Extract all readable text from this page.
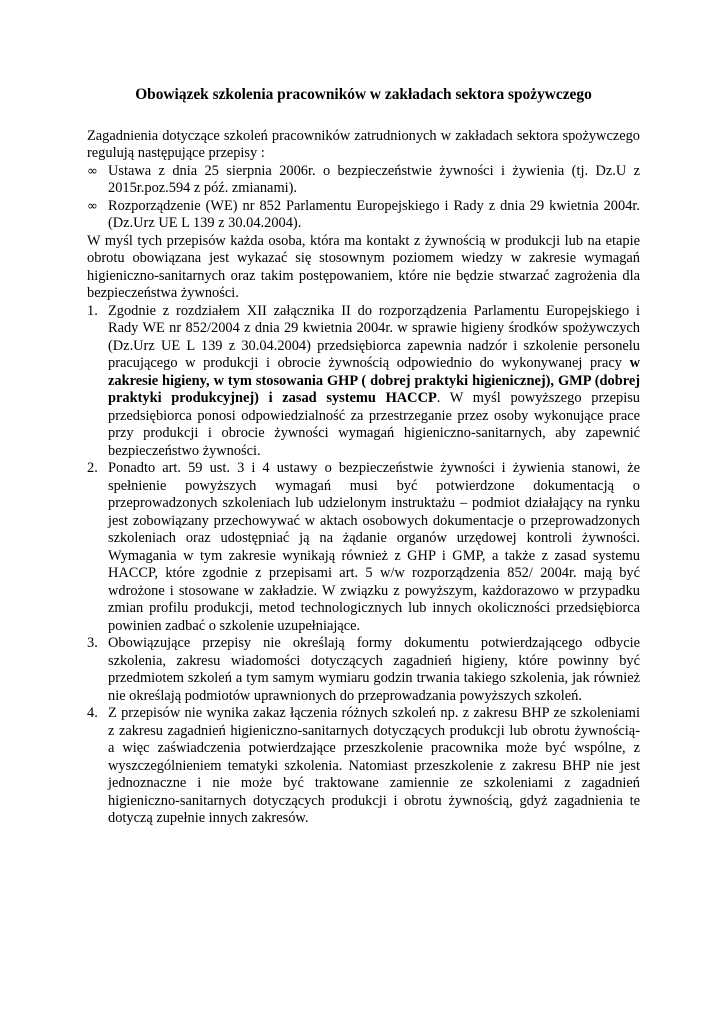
Obowiązek szkolenia pracowników w zakładach sektora spożywczego

Zagadnienia dotyczące szkoleń pracowników zatrudnionych w zakładach sektora spożywczego regulują następujące przepisy :

∞ Ustawa z dnia 25 sierpnia 2006r. o bezpieczeństwie żywności i żywienia (tj. Dz.U z 2015r.poz.594 z póź. zmianami).
∞ Rozporządzenie (WE) nr 852 Parlamentu Europejskiego i Rady z dnia 29 kwietnia 2004r. (Dz.Urz UE L 139 z 30.04.2004).

W myśl tych przepisów każda osoba, która ma kontakt z żywnością w produkcji lub na etapie obrotu obowiązana jest wykazać się stosownym poziomem wiedzy w zakresie wymagań higieniczno-sanitarnych oraz takim postępowaniem, które nie będzie stwarzać zagrożenia dla bezpieczeństwa żywności.

1. Zgodnie z rozdziałem XII załącznika II do rozporządzenia Parlamentu Europejskiego i Rady WE nr 852/2004 z dnia 29 kwietnia 2004r. w sprawie higieny środków spożywczych (Dz.Urz UE L 139 z 30.04.2004) przedsiębiorca zapewnia nadzór i szkolenie personelu pracującego w produkcji i obrocie żywnością odpowiednio do wykonywanej pracy w zakresie higieny, w tym stosowania GHP ( dobrej praktyki higienicznej), GMP (dobrej praktyki produkcyjnej) i zasad systemu HACCP. W myśl powyższego przepisu przedsiębiorca ponosi odpowiedzialność za przestrzeganie przez osoby wykonujące prace przy produkcji i obrocie żywności wymagań higieniczno-sanitarnych, aby zapewnić bezpieczeństwo żywności.
2. Ponadto art. 59 ust. 3 i 4 ustawy o bezpieczeństwie żywności i żywienia stanowi, że spełnienie powyższych wymagań musi być potwierdzone dokumentacją o przeprowadzonych szkoleniach lub udzielonym instruktażu – podmiot działający na rynku jest zobowiązany przechowywać w aktach osobowych dokumentacje o przeprowadzonych szkoleniach oraz udostępniać ją na żądanie organów urzędowej kontroli żywności. Wymagania w tym zakresie wynikają również z GHP i GMP, a także z zasad systemu HACCP, które zgodnie z przepisami art. 5 w/w rozporządzenia 852/ 2004r. mają być wdrożone i stosowane w zakładzie. W związku z powyższym, każdorazowo w przypadku zmian profilu produkcji, metod technologicznych lub innych okoliczności przedsiębiorca powinien zadbać o szkolenie uzupełniające.
3. Obowiązujące przepisy nie określają formy dokumentu potwierdzającego odbycie szkolenia, zakresu wiadomości dotyczących zagadnień higieny, które powinny być przedmiotem szkoleń a tym samym wymiaru godzin trwania takiego szkolenia, jak również nie określają podmiotów uprawnionych do przeprowadzania powyższych szkoleń.
4. Z przepisów nie wynika zakaz łączenia różnych szkoleń np. z zakresu BHP ze szkoleniami z zakresu zagadnień higieniczno-sanitarnych dotyczących produkcji lub obrotu żywnością- a więc zaświadczenia potwierdzające przeszkolenie pracownika może być wspólne, z wyszczególnieniem tematyki szkolenia. Natomiast przeszkolenie z zakresu BHP nie jest jednoznaczne i nie może być traktowane zamiennie ze szkoleniami z zagadnień higieniczno-sanitarnych dotyczących produkcji i obrotu żywnością, gdyż zagadnienia te dotyczą zupełnie innych zakresów.
